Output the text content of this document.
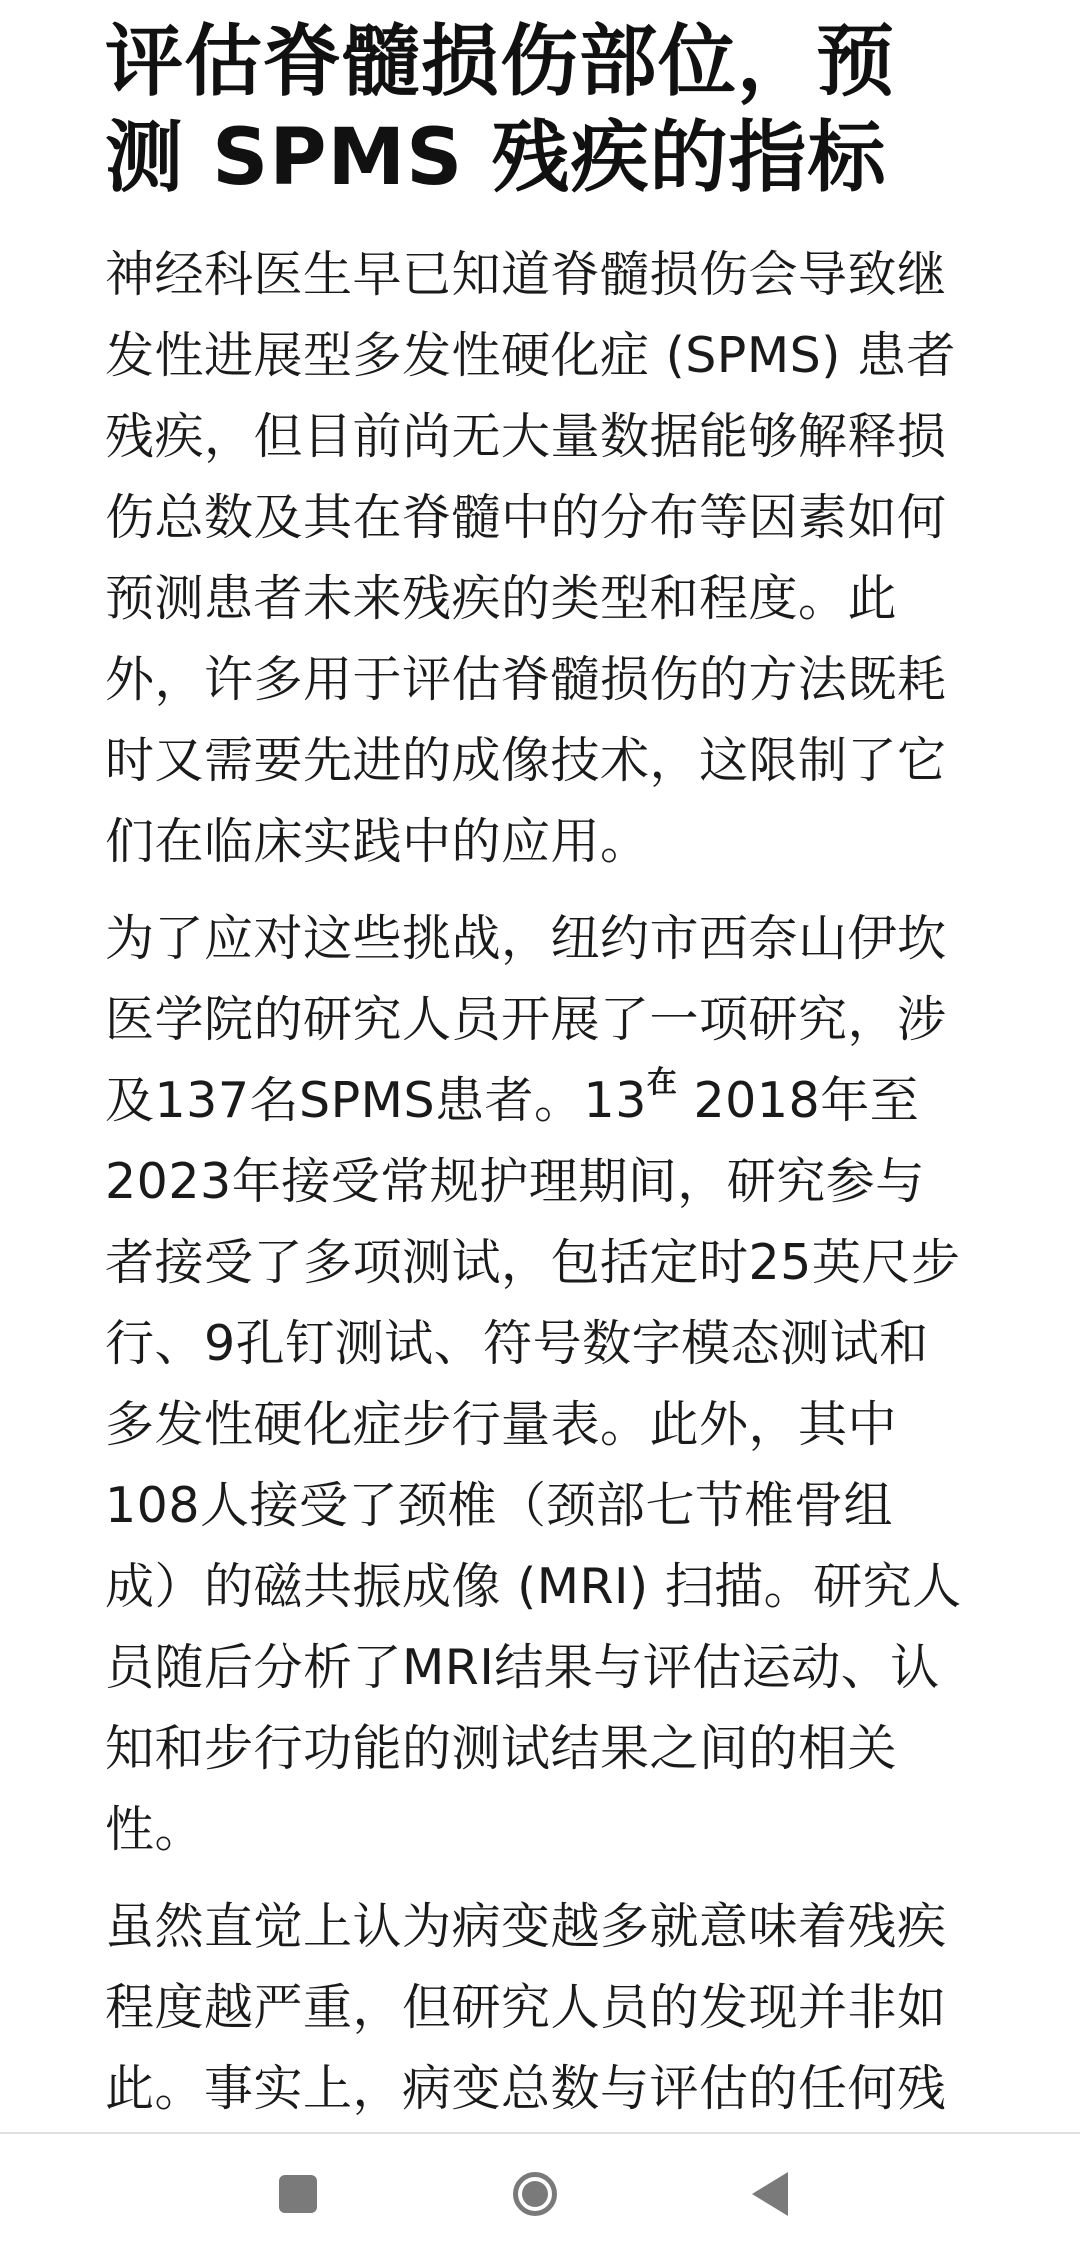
评估脊髓损伤部位，预测 SPMS 残疾的指标

神经科医生早已知道脊髓损伤会导致继发性进展型多发性硬化症 (SPMS) 患者残疾，但目前尚无大量数据能够解释损伤总数及其在脊髓中的分布等因素如何预测患者未来残疾的类型和程度。此外，许多用于评估脊髓损伤的方法既耗时又需要先进的成像技术，这限制了它们在临床实践中的应用。

为了应对这些挑战，纽约市西奈山伊坎医学院的研究人员开展了一项研究，涉及137名SPMS患者。$13^在$ 2018年至2023年接受常规护理期间，研究参与者接受了多项测试，包括定时25英尺步行、9孔钉测试、符号数字模态测试和多发性硬化症步行量表。此外，其中108人接受了颈椎（颈部七节椎骨组成）的磁共振成像 (MRI) 扫描。研究人员随后分析了MRI结果与评估运动、认知和步行功能的测试结果之间的相关性。

虽然直觉上认为病变越多就意味着残疾程度越严重，但研究人员的发现并非如此。事实上，病变总数与评估的任何残
